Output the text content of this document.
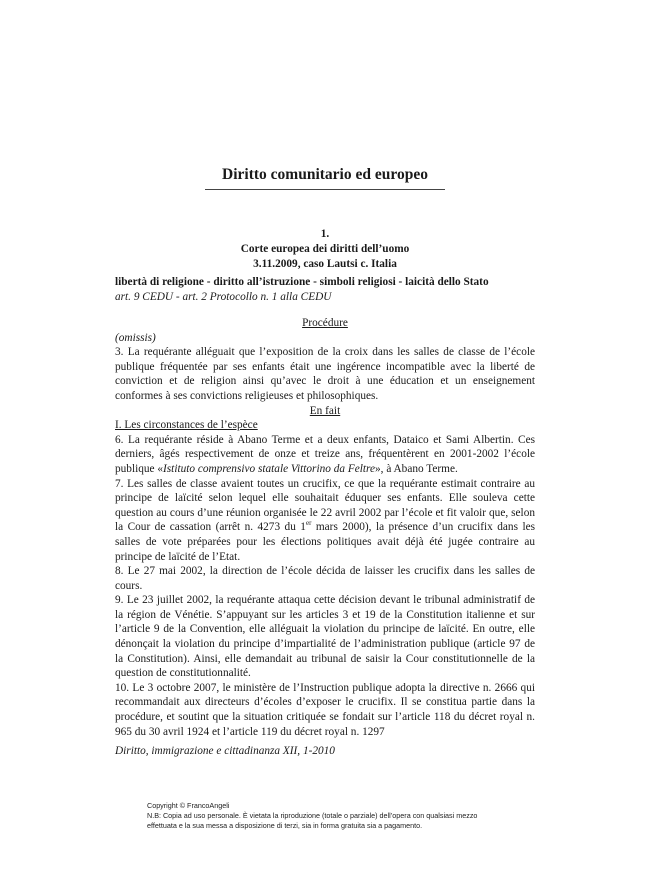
Diritto comunitario ed europeo
1.
Corte europea dei diritti dell’uomo
3.11.2009, caso Lautsi c. Italia
libertà di religione - diritto all’istruzione - simboli religiosi - laicità dello Stato
art. 9 CEDU - art. 2 Protocollo n. 1 alla CEDU

Procédure

(omissis)

3. La requérante alléguait que l’exposition de la croix dans les salles de classe de l’école publique fréquentée par ses enfants était une ingérence incompatible avec la liberté de conviction et de religion ainsi qu’avec le droit à une éducation et un enseignement conformes à ses convictions religieuses et philosophiques.

En fait

I. Les circonstances de l’espèce

6. La requérante réside à Abano Terme et a deux enfants, Dataico et Sami Albertin. Ces derniers, âgés respectivement de onze et treize ans, fréquentèrent en 2001-2002 l’école publique «Istituto comprensivo statale Vittorino da Feltre», à Abano Terme.

7. Les salles de classe avaient toutes un crucifix, ce que la requérante estimait contraire au principe de laïcité selon lequel elle souhaitait éduquer ses enfants. Elle souleva cette question au cours d’une réunion organisée le 22 avril 2002 par l’école et fit valoir que, selon la Cour de cassation (arrêt n. 4273 du 1er mars 2000), la présence d’un crucifix dans les salles de vote préparées pour les élections politiques avait déjà été jugée contraire au principe de laïcité de l’Etat.

8. Le 27 mai 2002, la direction de l’école décida de laisser les crucifix dans les salles de cours.

9. Le 23 juillet 2002, la requérante attaqua cette décision devant le tribunal administratif de la région de Vénétie. S’appuyant sur les articles 3 et 19 de la Constitution italienne et sur l’article 9 de la Convention, elle alléguait la violation du principe de laïcité. En outre, elle dénonçait la violation du principe d’impartialité de l’administration publique (article 97 de la Constitution). Ainsi, elle demandait au tribunal de saisir la Cour constitutionnelle de la question de constitutionnalité.

10. Le 3 octobre 2007, le ministère de l’Instruction publique adopta la directive n. 2666 qui recommandait aux directeurs d’écoles d’exposer le crucifix. Il se constitua partie dans la procédure, et soutint que la situation critiquée se fondait sur l’article 118 du décret royal n. 965 du 30 avril 1924 et l’article 119 du décret royal n. 1297

Diritto, immigrazione e cittadinanza XII, 1-2010
Copyright © FrancoAngeli
N.B: Copia ad uso personale. È vietata la riproduzione (totale o parziale) dell’opera con qualsiasi mezzo
effettuata e la sua messa a disposizione di terzi, sia in forma gratuita sia a pagamento.
